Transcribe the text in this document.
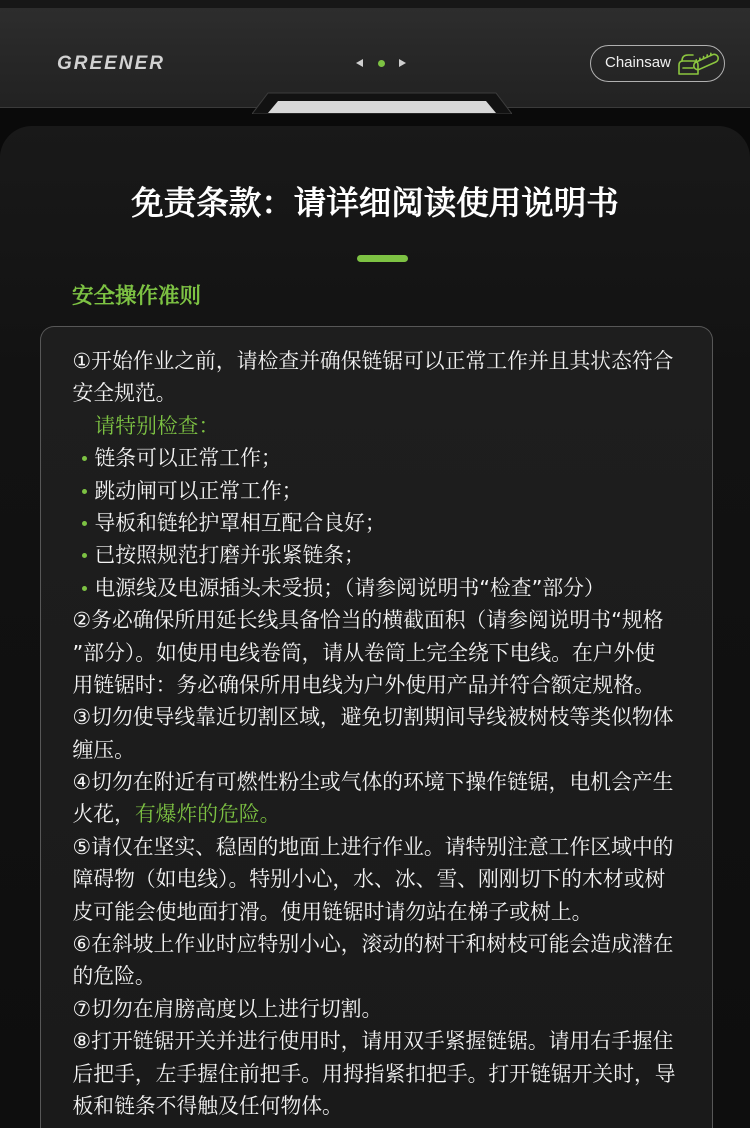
GREENER	Chainsaw
免责条款：请详细阅读使用说明书
安全操作准则
①开始作业之前，请检查并确保链锯可以正常工作并且其状态符合
安全规范。
请特别检查：
链条可以正常工作；
跳动闸可以正常工作；
导板和链轮护罩相互配合良好；
已按照规范打磨并张紧链条；
电源线及电源插头未受损；（请参阅说明书“检查”部分）
②务必确保所用延长线具备恰当的横截面积（请参阅说明书“规格
”部分）。如使用电线卷筒，请从卷筒上完全绕下电线。在户外使
用链锯时：务必确保所用电线为户外使用产品并符合额定规格。
③切勿使导线靠近切割区域，避免切割期间导线被树枝等类似物体
缠压。
④切勿在附近有可燃性粉尘或气体的环境下操作链锯，电机会产生
火花，有爆炸的危险。
⑤请仅在坚实、稳固的地面上进行作业。请特别注意工作区域中的
障碍物（如电线）。特别小心，水、冰、雪、刚刚切下的木材或树
皮可能会使地面打滑。使用链锯时请勿站在梯子或树上。
⑥在斜坡上作业时应特别小心，滚动的树干和树枝可能会造成潜在
的危险。
⑦切勿在肩膀高度以上进行切割。
⑧打开链锯开关并进行使用时，请用双手紧握链锯。请用右手握住
后把手，左手握住前把手。用拇指紧扣把手。打开链锯开关时，导
板和链条不得触及任何物体。
